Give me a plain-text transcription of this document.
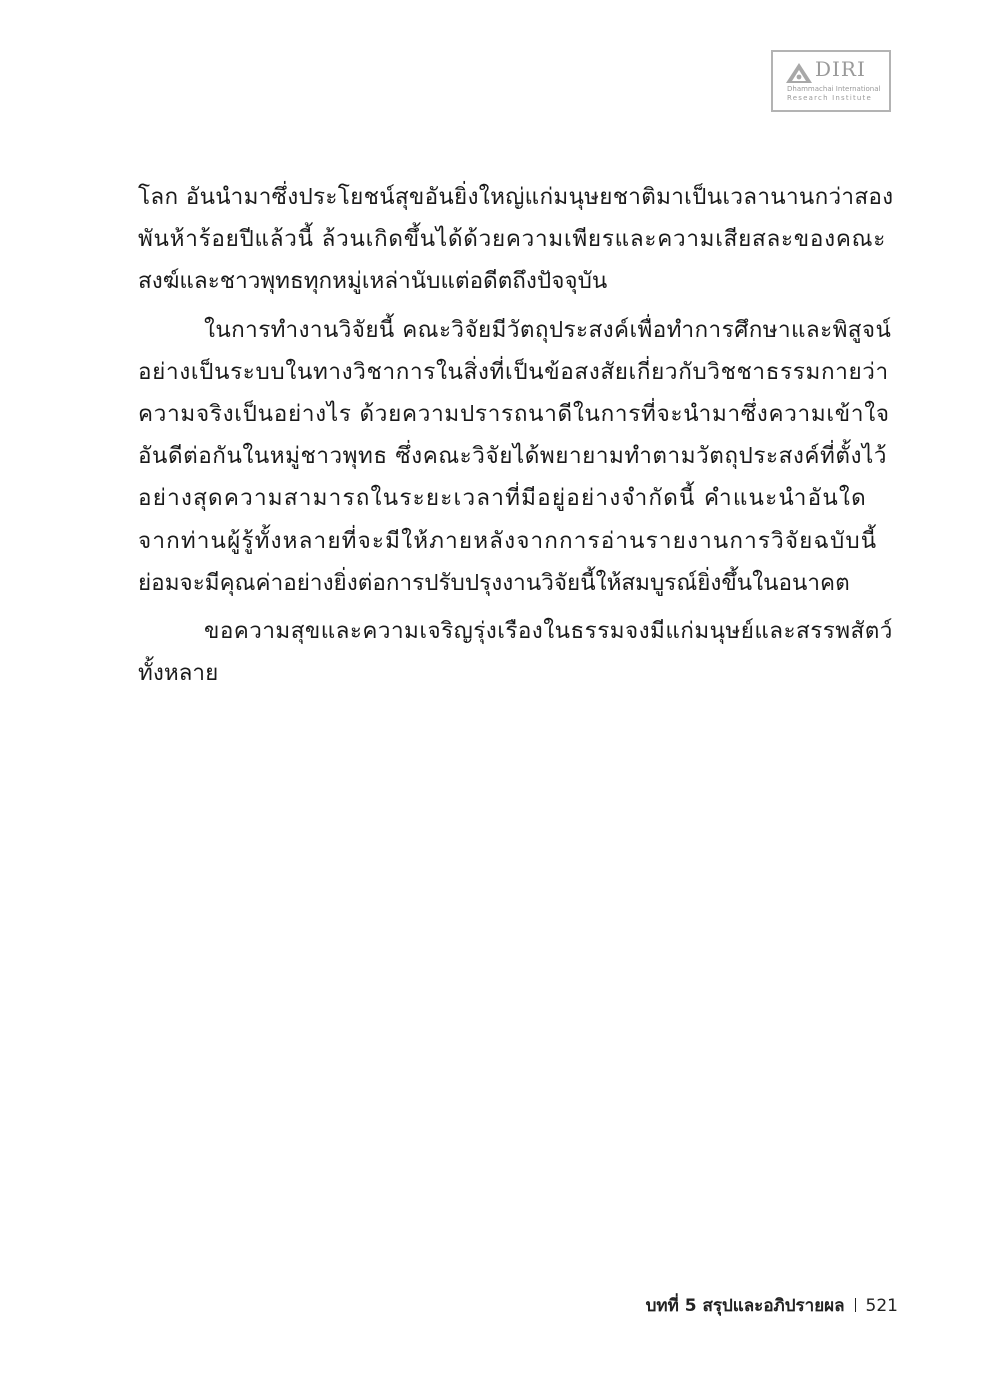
DIRI
Dhammachai International
Research Institute

โลก อันนำมาซึ่งประโยชน์สุขอันยิ่งใหญ่แก่มนุษยชาติมาเป็นเวลานานกว่าสอง
พันห้าร้อยปีแล้วนี้ ล้วนเกิดขึ้นได้ด้วยความเพียรและความเสียสละของคณะ
สงฆ์และชาวพุทธทุกหมู่เหล่านับแต่อดีตถึงปัจจุบัน

ในการทำงานวิจัยนี้ คณะวิจัยมีวัตถุประสงค์เพื่อทำการศึกษาและพิสูจน์
อย่างเป็นระบบในทางวิชาการในสิ่งที่เป็นข้อสงสัยเกี่ยวกับวิชชาธรรมกายว่า
ความจริงเป็นอย่างไร ด้วยความปรารถนาดีในการที่จะนำมาซึ่งความเข้าใจ
อันดีต่อกันในหมู่ชาวพุทธ ซึ่งคณะวิจัยได้พยายามทำตามวัตถุประสงค์ที่ตั้งไว้
อย่างสุดความสามารถในระยะเวลาที่มีอยู่อย่างจำกัดนี้ คำแนะนำอันใด
จากท่านผู้รู้ทั้งหลายที่จะมีให้ภายหลังจากการอ่านรายงานการวิจัยฉบับนี้
ย่อมจะมีคุณค่าอย่างยิ่งต่อการปรับปรุงงานวิจัยนี้ให้สมบูรณ์ยิ่งขึ้นในอนาคต

ขอความสุขและความเจริญรุ่งเรืองในธรรมจงมีแก่มนุษย์และสรรพสัตว์
ทั้งหลาย

บทที่ 5 สรุปและอภิปรายผล 521
